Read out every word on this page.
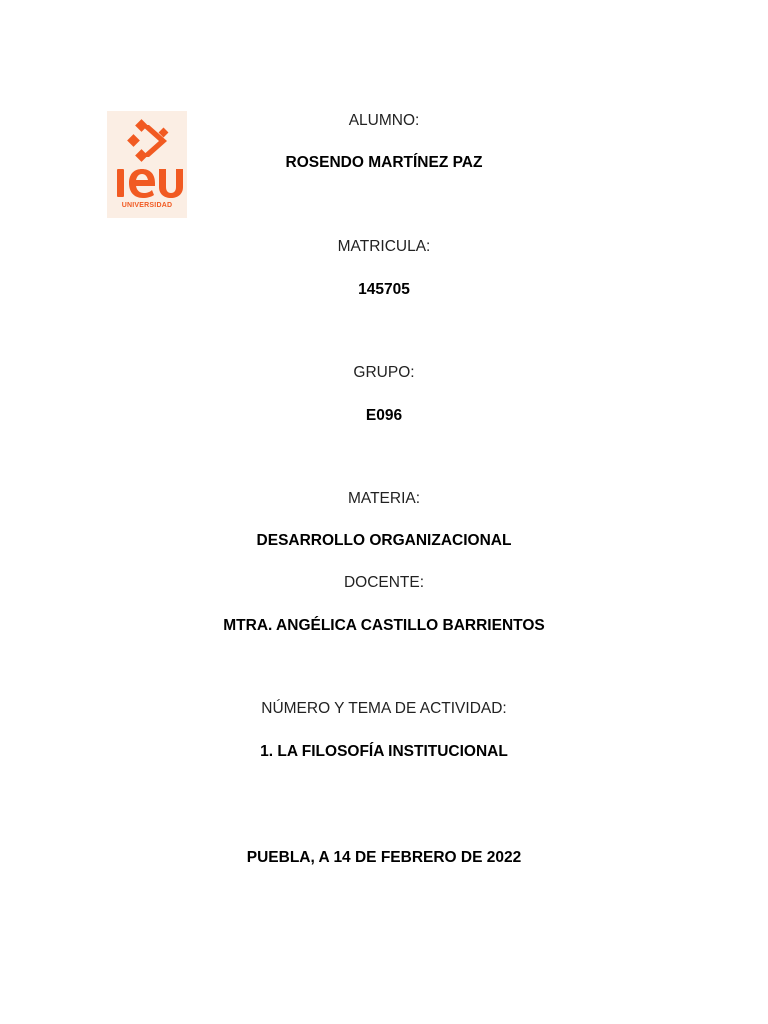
UNIVERSIDAD
ALUMNO:
ROSENDO MARTÍNEZ PAZ
MATRICULA:
145705
GRUPO:
E096
MATERIA:
DESARROLLO ORGANIZACIONAL
DOCENTE:
MTRA. ANGÉLICA CASTILLO BARRIENTOS
NÚMERO Y TEMA DE ACTIVIDAD:
1. LA FILOSOFÍA INSTITUCIONAL
PUEBLA, A 14 DE FEBRERO DE 2022
